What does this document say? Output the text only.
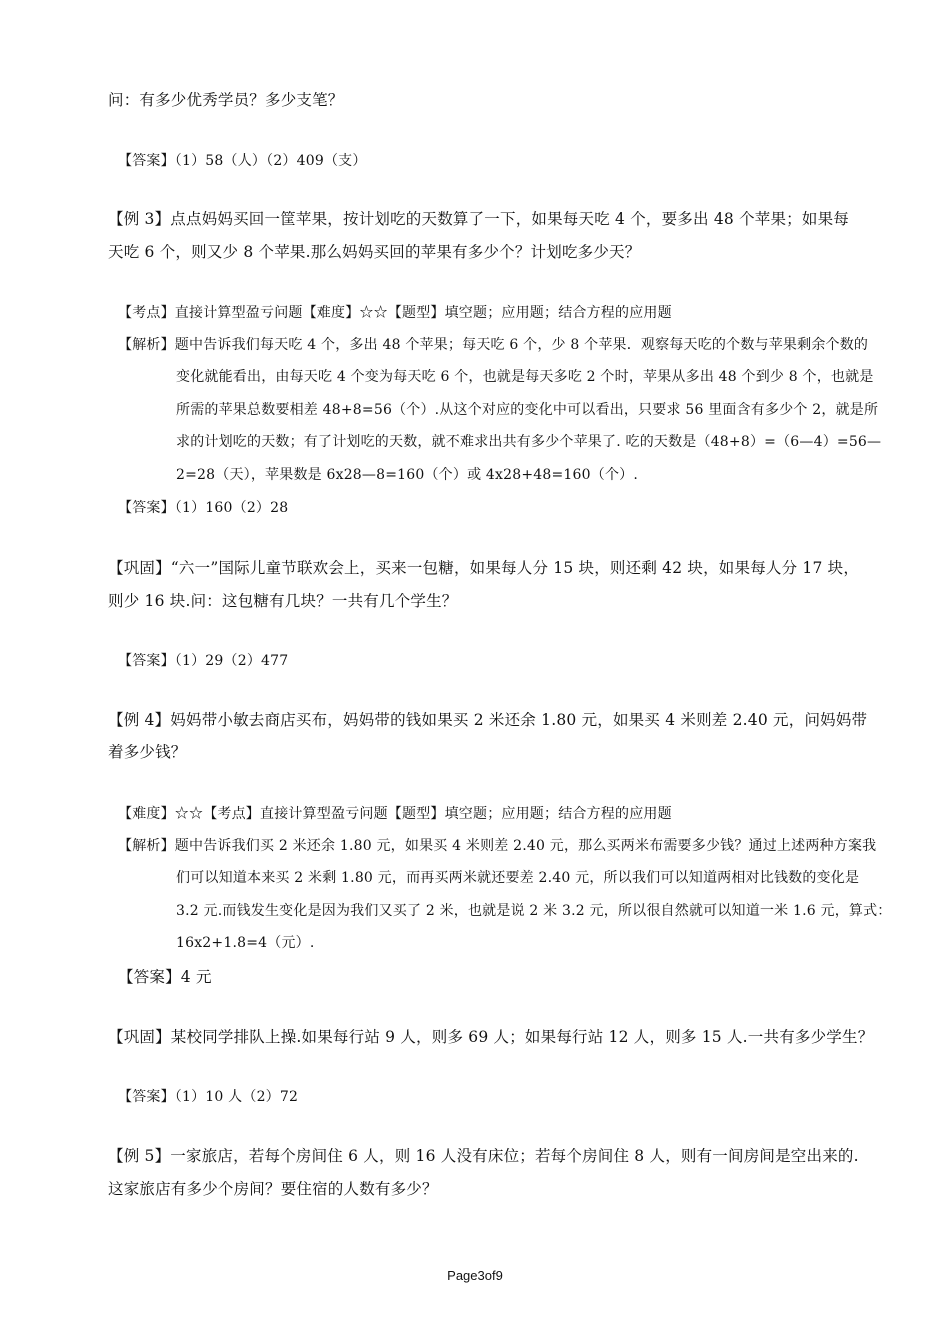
问：有多少优秀学员？多少支笔？
【答案】（1）58（人）（2）409（支）
【例 3】点点妈妈买回一筐苹果，按计划吃的天数算了一下，如果每天吃 4 个，要多出 48 个苹果；如果每
天吃 6 个，则又少 8 个苹果.那么妈妈买回的苹果有多少个？计划吃多少天？
【考点】直接计算型盈亏问题【难度】☆☆【题型】填空题；应用题；结合方程的应用题
【解析】题中告诉我们每天吃 4 个，多出 48 个苹果；每天吃 6 个，少 8 个苹果．观察每天吃的个数与苹果剩余个数的
变化就能看出，由每天吃 4 个变为每天吃 6 个，也就是每天多吃 2 个时，苹果从多出 48 个到少 8 个，也就是
所需的苹果总数要相差 48+8=56（个）.从这个对应的变化中可以看出，只要求 56 里面含有多少个 2，就是所
求的计划吃的天数；有了计划吃的天数，就不难求出共有多少个苹果了. 吃的天数是（48+8）=（6—4）=56—
2=28（天），苹果数是 6x28—8=160（个）或 4x28+48=160（个）.
【答案】（1）160（2）28
【巩固】“六一”国际儿童节联欢会上，买来一包糖，如果每人分 15 块，则还剩 42 块，如果每人分 17 块，
则少 16 块.问：这包糖有几块？一共有几个学生？
【答案】（1）29（2）477
【例 4】妈妈带小敏去商店买布，妈妈带的钱如果买 2 米还余 1.80 元，如果买 4 米则差 2.40 元，问妈妈带
着多少钱？
【难度】☆☆【考点】直接计算型盈亏问题【题型】填空题；应用题；结合方程的应用题
【解析】题中告诉我们买 2 米还余 1.80 元，如果买 4 米则差 2.40 元，那么买两米布需要多少钱？通过上述两种方案我
们可以知道本来买 2 米剩 1.80 元，而再买两米就还要差 2.40 元，所以我们可以知道两相对比钱数的变化是
3.2 元.而钱发生变化是因为我们又买了 2 米，也就是说 2 米 3.2 元，所以很自然就可以知道一米 1.6 元，算式：
16x2+1.8=4（元）.
【答案】4 元
【巩固】某校同学排队上操.如果每行站 9 人，则多 69 人；如果每行站 12 人，则多 15 人.一共有多少学生？
【答案】（1）10 人（2）72
【例 5】一家旅店，若每个房间住 6 人，则 16 人没有床位；若每个房间住 8 人，则有一间房间是空出来的.
这家旅店有多少个房间？要住宿的人数有多少？
Page3of9
